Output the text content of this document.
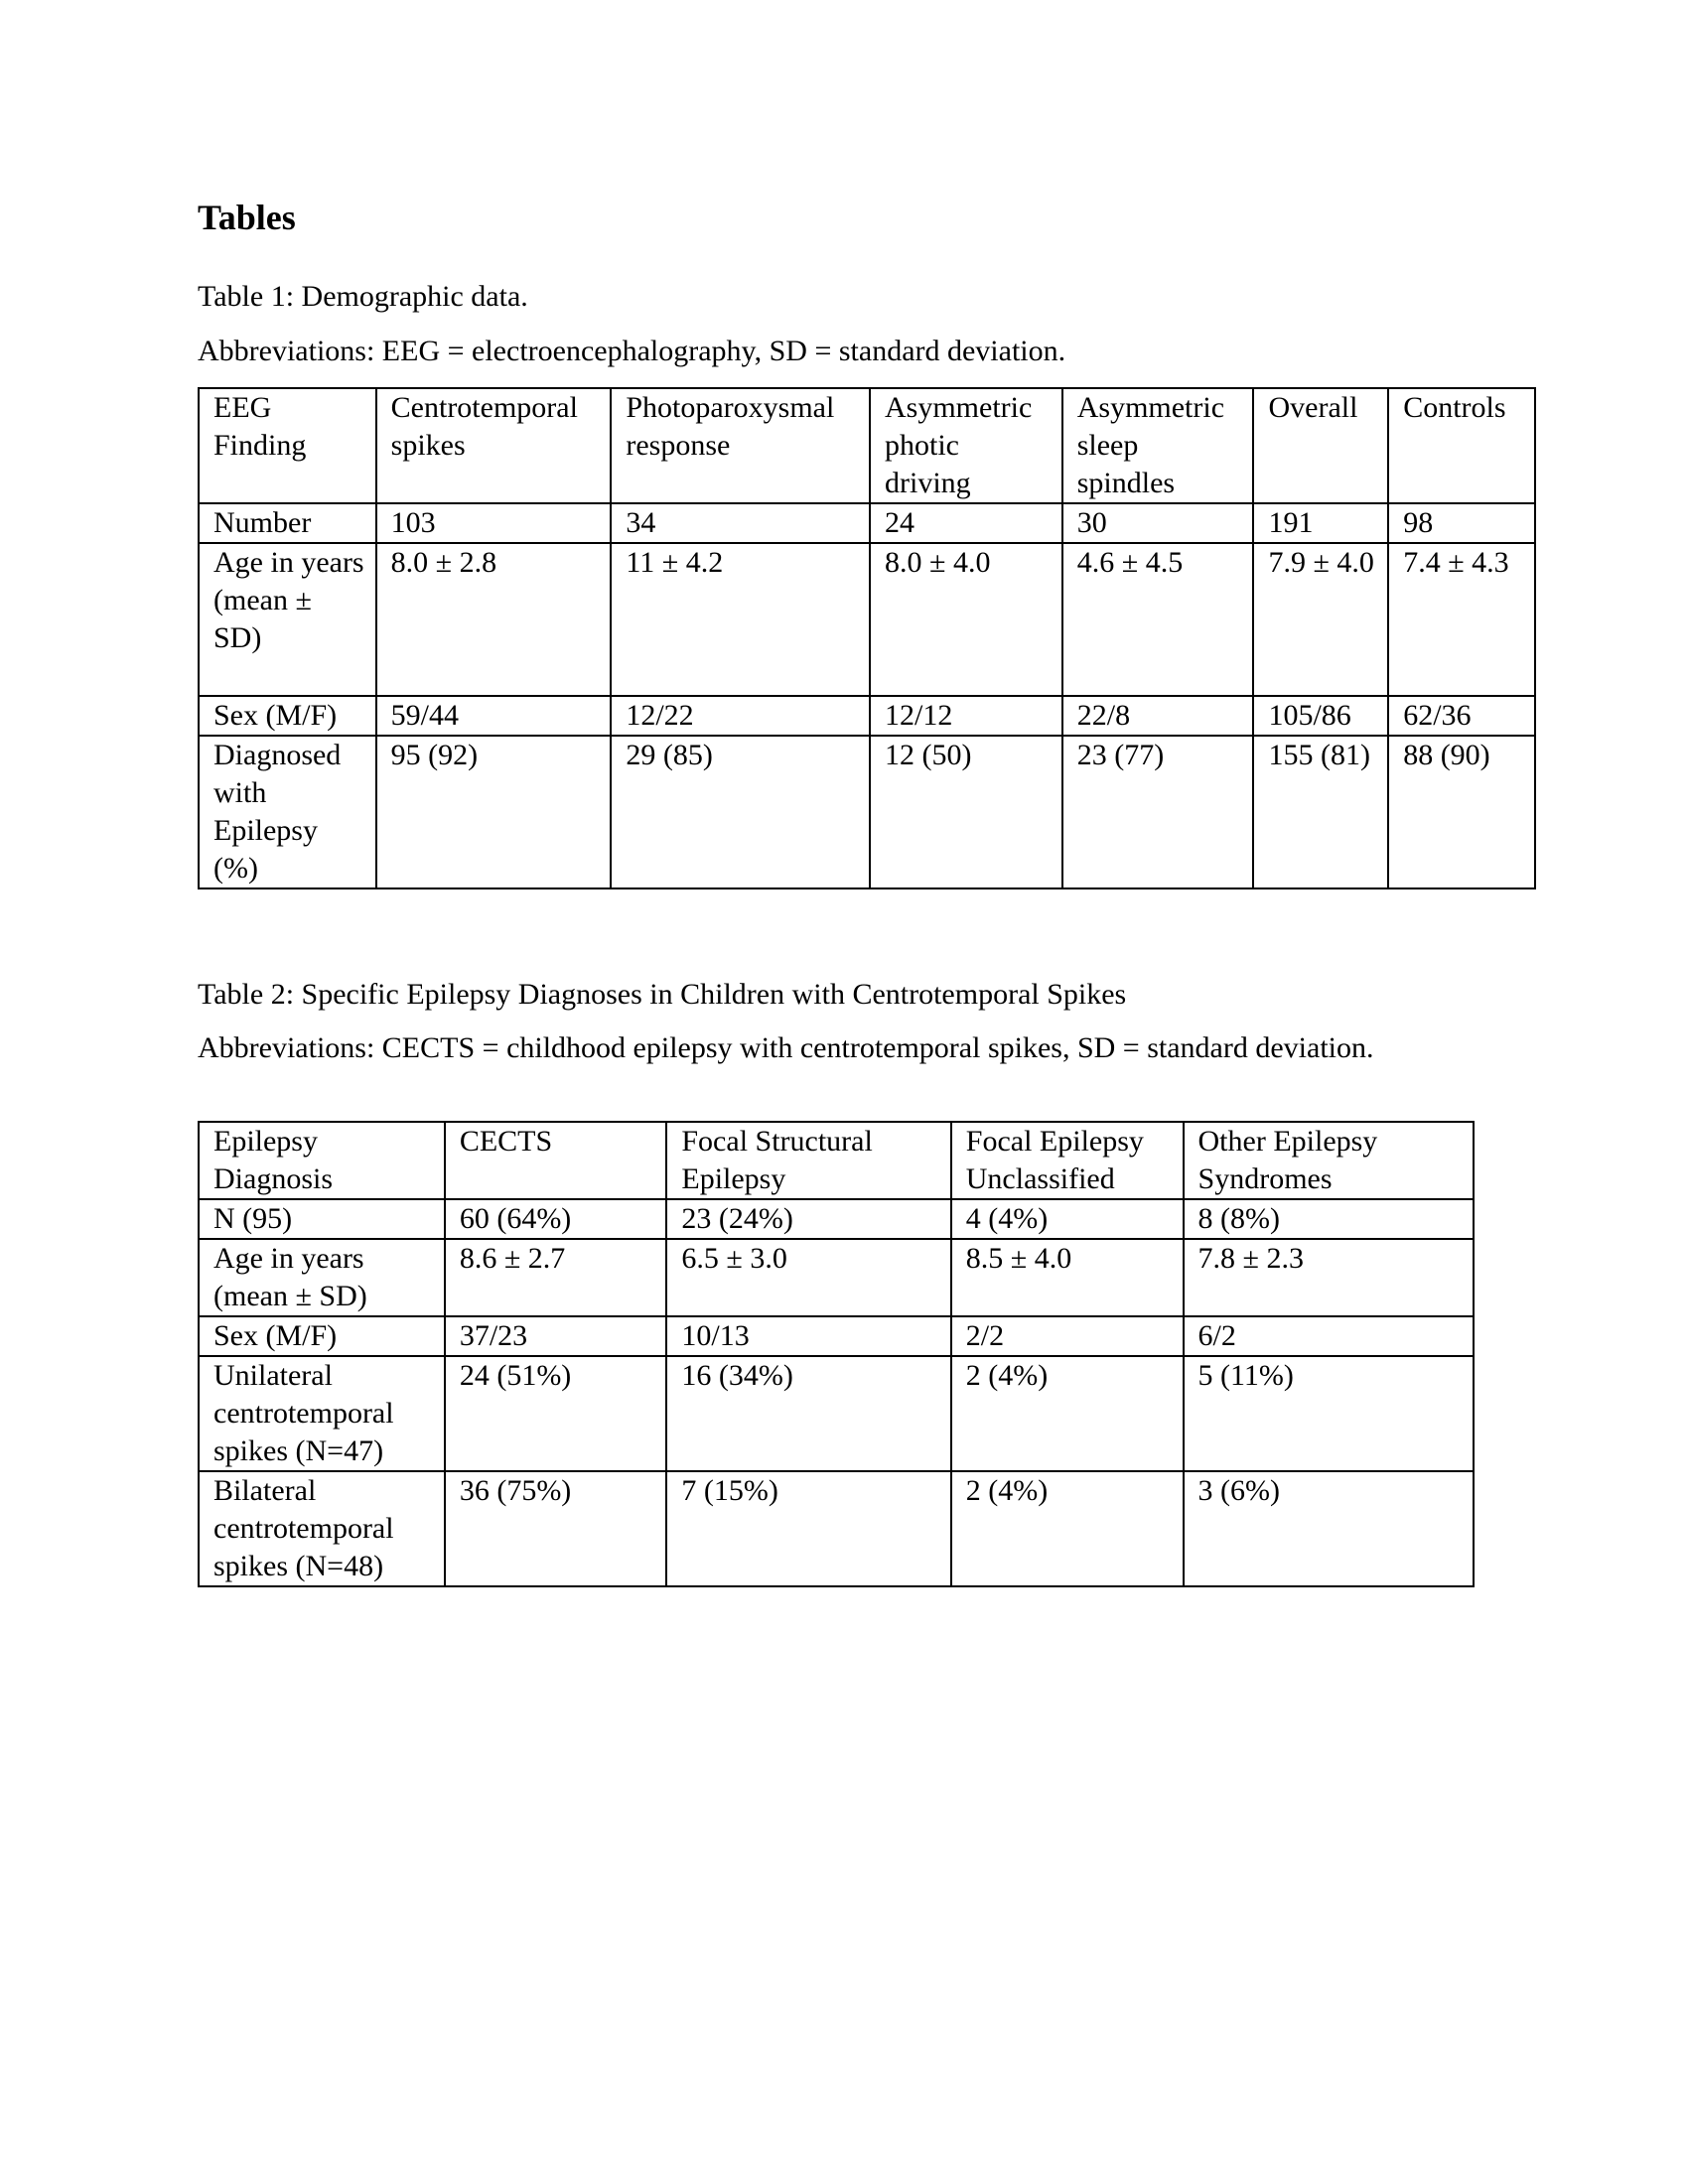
Tables
Table 1: Demographic data.
Abbreviations: EEG = electroencephalography, SD = standard deviation.
EEG Finding	Centrotemporal spikes	Photoparoxysmal response	Asymmetric photic driving	Asymmetric sleep spindles	Overall	Controls
Number	103	34	24	30	191	98
Age in years (mean ± SD)	8.0 ± 2.8	11 ± 4.2	8.0 ± 4.0	4.6 ± 4.5	7.9 ± 4.0	7.4 ± 4.3
Sex (M/F)	59/44	12/22	12/12	22/8	105/86	62/36
Diagnosed with Epilepsy (%)	95 (92)	29 (85)	12 (50)	23 (77)	155 (81)	88 (90)
Table 2: Specific Epilepsy Diagnoses in Children with Centrotemporal Spikes
Abbreviations: CECTS = childhood epilepsy with centrotemporal spikes, SD = standard deviation.
Epilepsy Diagnosis	CECTS	Focal Structural Epilepsy	Focal Epilepsy Unclassified	Other Epilepsy Syndromes
N (95)	60 (64%)	23 (24%)	4 (4%)	8 (8%)
Age in years (mean ± SD)	8.6 ± 2.7	6.5 ± 3.0	8.5 ± 4.0	7.8 ± 2.3
Sex (M/F)	37/23	10/13	2/2	6/2
Unilateral centrotemporal spikes (N=47)	24 (51%)	16 (34%)	2 (4%)	5 (11%)
Bilateral centrotemporal spikes (N=48)	36 (75%)	7 (15%)	2 (4%)	3 (6%)
